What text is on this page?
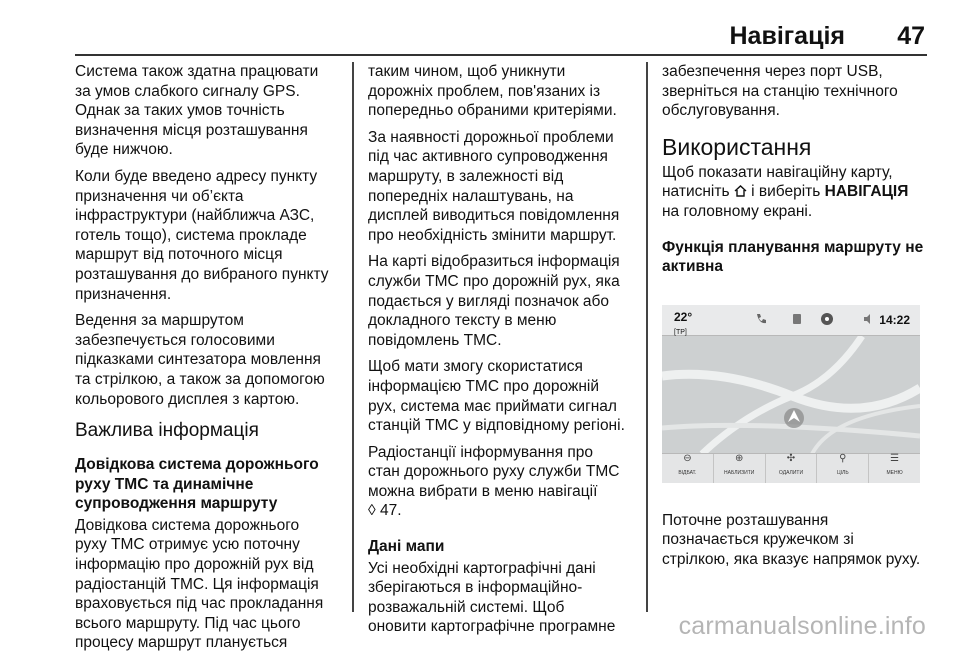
Навігація 47

Система також здатна працювати
за умов слабкого сигналу GPS.
Однак за таких умов точність
визначення місця розташування
буде нижчою.

Коли буде введено адресу пункту
призначення чи об’єкта
інфраструктури (найближча АЗС,
готель тощо), система прокладе
маршрут від поточного місця
розташування до вибраного пункту
призначення.

Ведення за маршрутом
забезпечується голосовими
підказками синтезатора мовлення
та стрілкою, а також за допомогою
кольорового дисплея з картою.

Важлива інформація
Довідкова система дорожнього
руху TMC та динамічне
супроводження маршруту

Довідкова система дорожнього
руху TMC отримує усю поточну
інформацію про дорожній рух від
радіостанцій TMC. Ця інформація
враховується під час прокладання
всього маршруту. Під час цього
процесу маршрут планується

таким чином, щоб уникнути
дорожніх проблем, пов'язаних із
попередньо обраними критеріями.

За наявності дорожньої проблеми
під час активного супроводження
маршруту, в залежності від
попередніх налаштувань, на
дисплей виводиться повідомлення
про необхідність змінити маршрут.

На карті відобразиться інформація
служби TMC про дорожній рух, яка
подається у вигляді позначок або
докладного тексту в меню
повідомлень TMC.

Щоб мати змогу скористатися
інформацією TMC про дорожній
рух, система має приймати сигнал
станцій TMC у відповідному регіоні.

Радіостанції інформування про
стан дорожнього руху служби TMC
можна вибрати в меню навігації
◊ 47.

Дані мапи

Усі необхідні картографічні дані
зберігаються в інформаційно-
розважальній системі. Щоб
оновити картографічне програмне

забезпечення через порт USB,
зверніться на станцію технічного
обслуговування.

Використання

Щоб показати навігаційну карту,
натисніть  і виберіть НАВІГАЦІЯ
на головному екрані.

Функція планування маршруту не
активна
22°
[TP]
14:22
⊖
ВІДБАТ.
⊕
НАБЛИЗИТИ
✣
ОДАЛИТИ
⚲
ЦІЛЬ
☰
МЕНЮ

Поточне розташування
позначається кружечком зі
стрілкою, яка вказує напрямок руху.

carmanualsonline.info
